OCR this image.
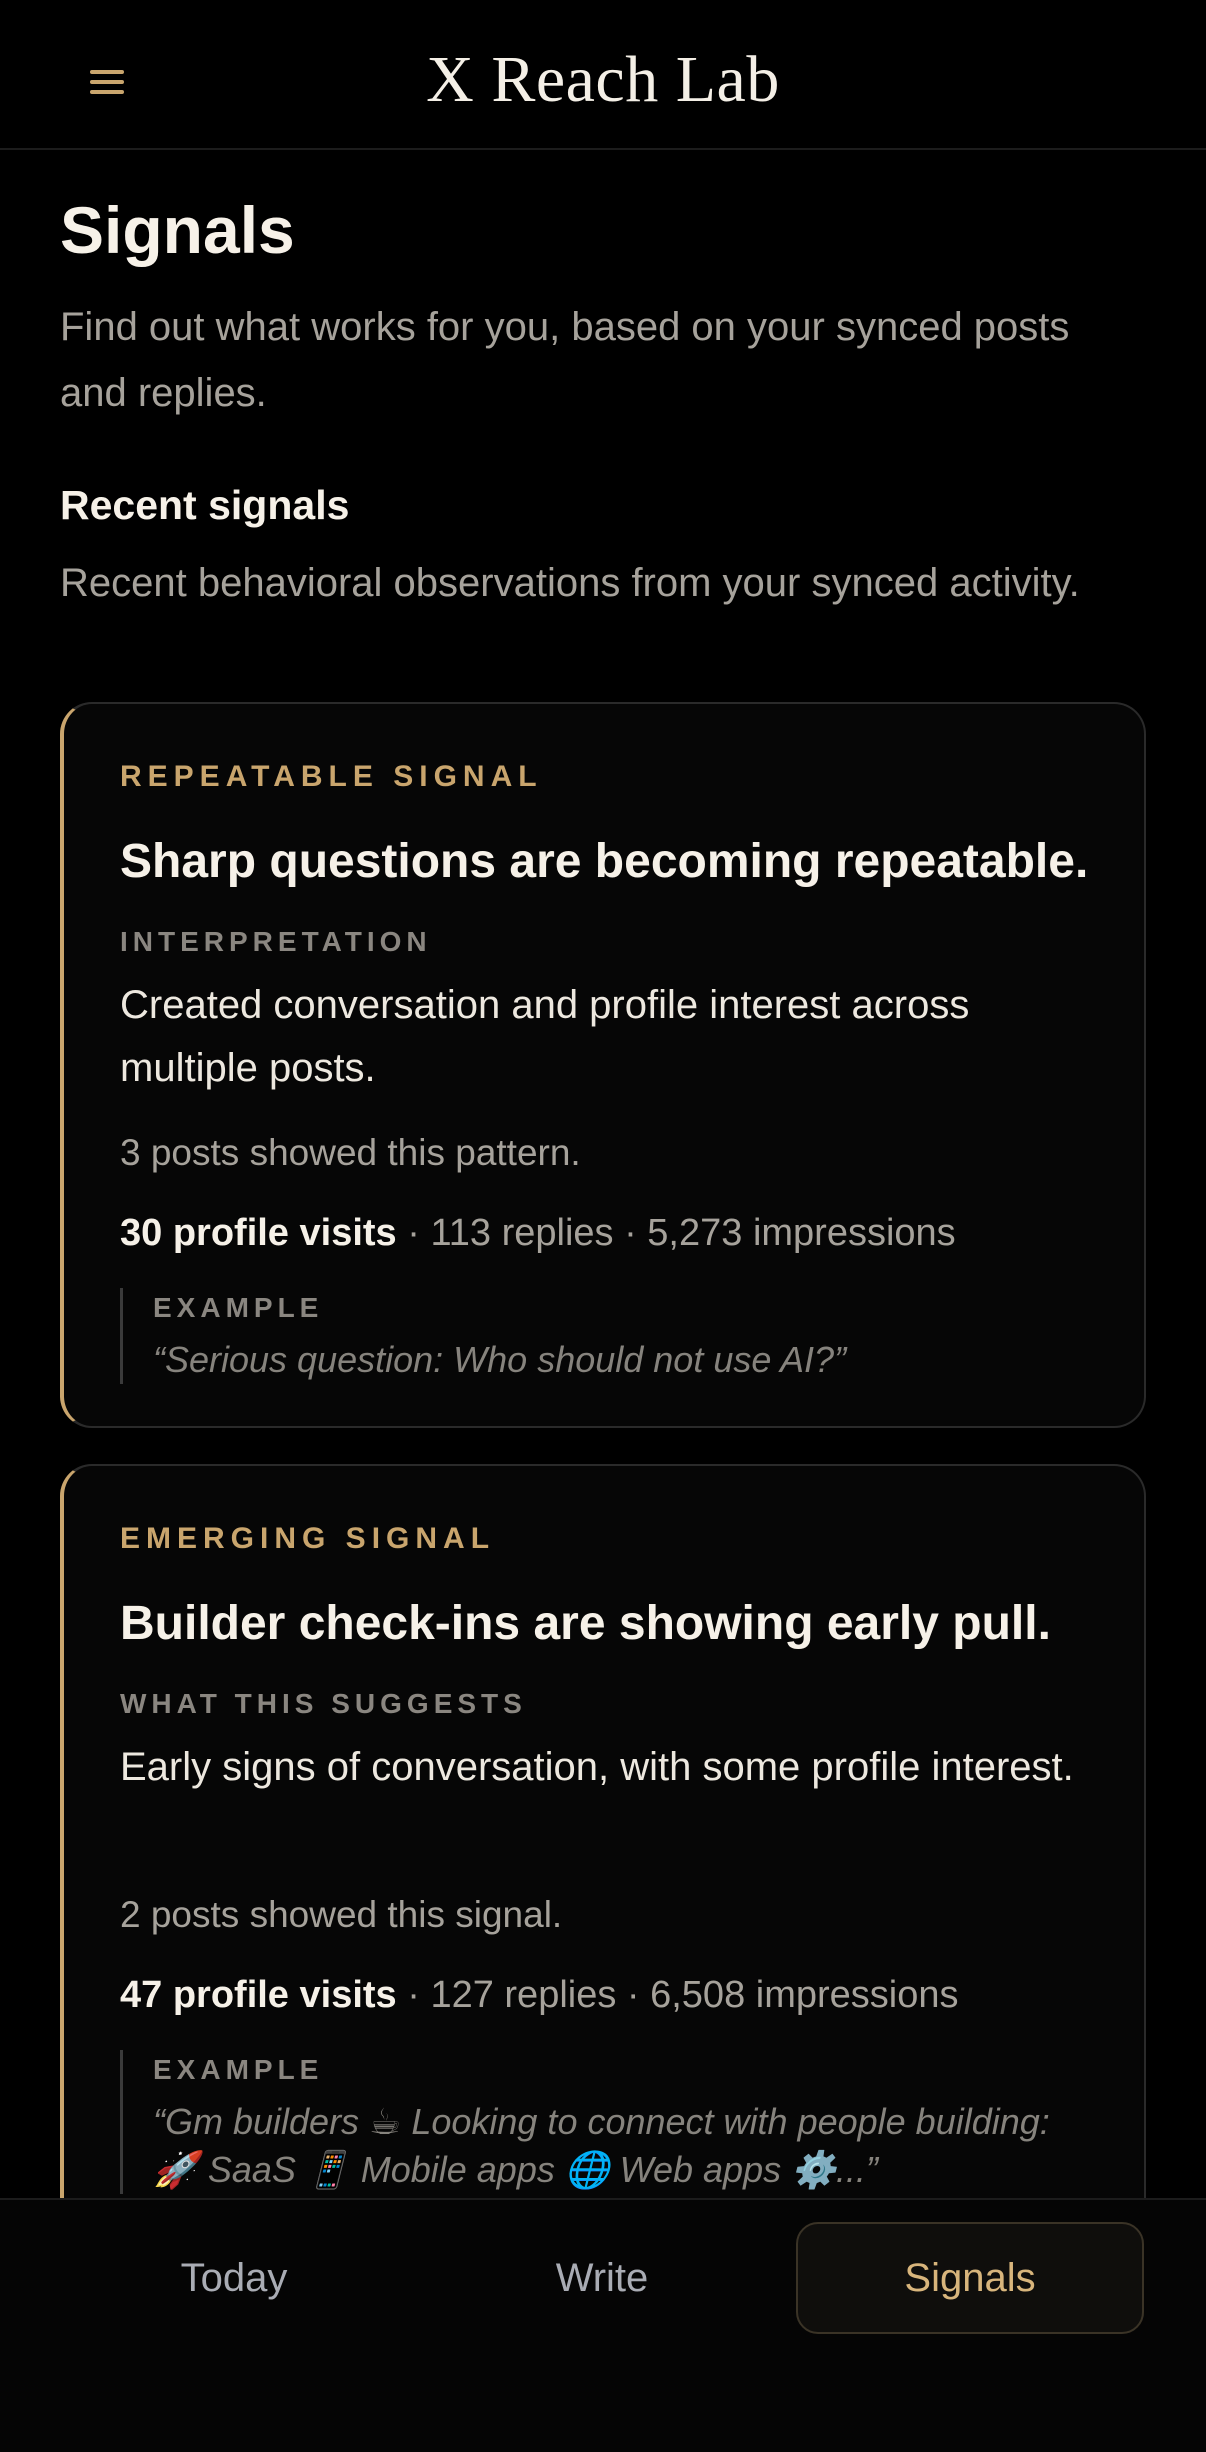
X Reach Lab
Signals

Find out what works for you, based on your synced posts and replies.

Recent signals

Recent behavioral observations from your synced activity.

REPEATABLE SIGNAL
Sharp questions are becoming repeatable.
INTERPRETATION
Created conversation and profile interest across multiple posts.
3 posts showed this pattern.
30 profile visits · 113 replies · 5,273 impressions
EXAMPLE
“Serious question: Who should not use AI?”
EMERGING SIGNAL
Builder check-ins are showing early pull.
WHAT THIS SUGGESTS
Early signs of conversation, with some profile interest.
2 posts showed this signal.
47 profile visits · 127 replies · 6,508 impressions
EXAMPLE
“Gm builders ☕ Looking to connect with people building: 🚀 SaaS 📱 Mobile apps 🌐 Web apps ⚙️...”
Today	Write	Signals
